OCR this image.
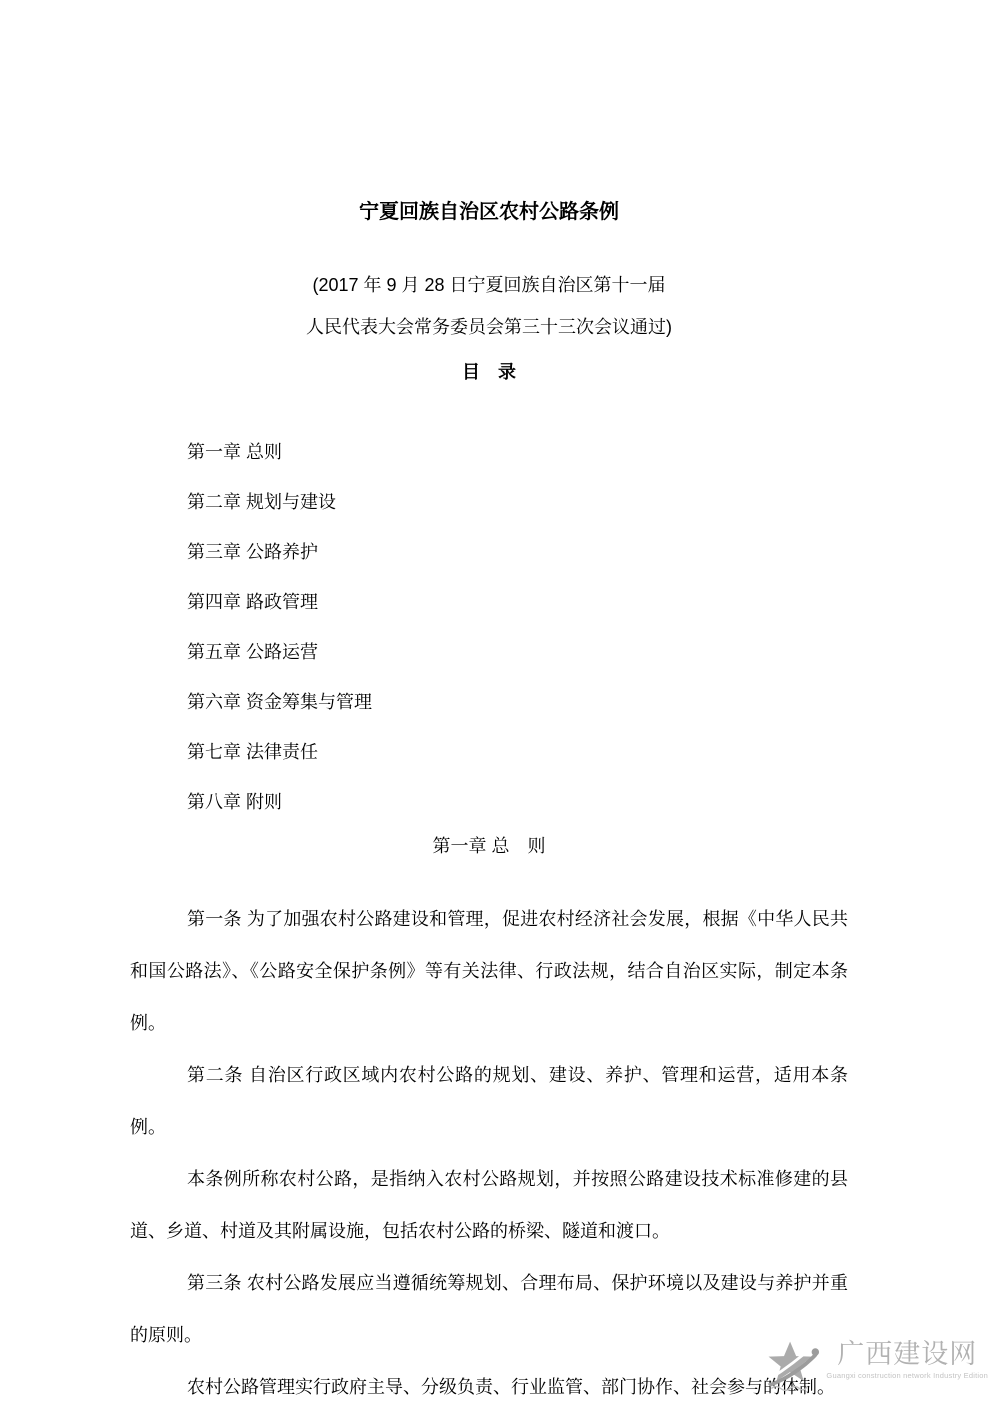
宁夏回族自治区农村公路条例

(2017 年 9 月 28 日宁夏回族自治区第十一届

人民代表大会常务委员会第三十三次会议通过)

目　录
第一章 总则
第二章 规划与建设
第三章 公路养护
第四章 路政管理
第五章 公路运营
第六章 资金筹集与管理
第七章 法律责任
第八章 附则
第一章 总　则

第一条 为了加强农村公路建设和管理，促进农村经济社会发展，根据《中华人民共和国公路法》、《公路安全保护条例》等有关法律、行政法规，结合自治区实际，制定本条例。

第二条 自治区行政区域内农村公路的规划、建设、养护、管理和运营，适用本条例。

本条例所称农村公路，是指纳入农村公路规划，并按照公路建设技术标准修建的县道、乡道、村道及其附属设施，包括农村公路的桥梁、隧道和渡口。

第三条 农村公路发展应当遵循统筹规划、合理布局、保护环境以及建设与养护并重的原则。

农村公路管理实行政府主导、分级负责、行业监管、部门协作、社会参与的体制。

广西建设网
Guangxi construction network Industry Edition
